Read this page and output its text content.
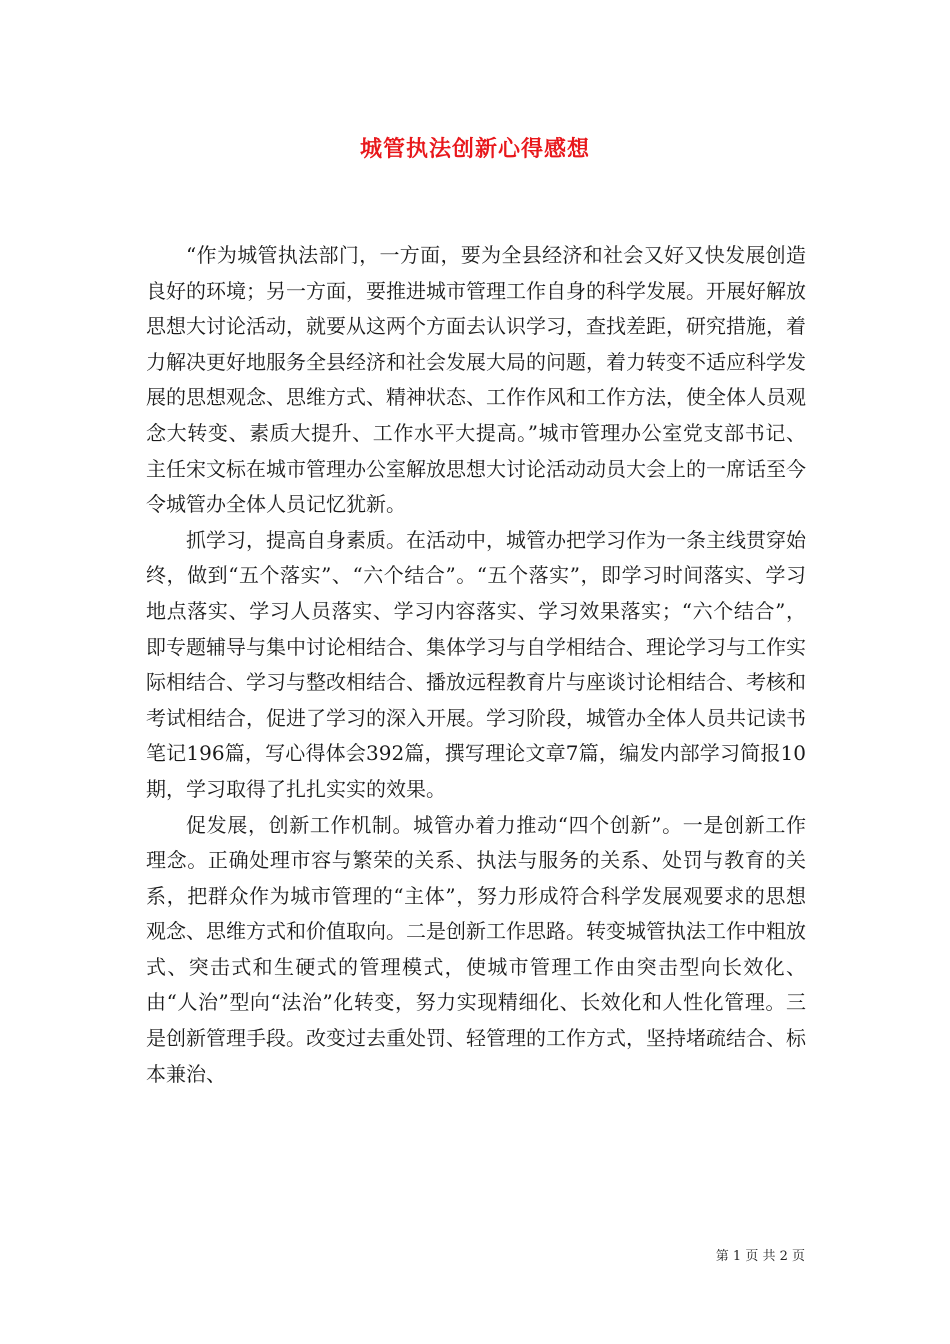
城管执法创新心得感想

“作为城管执法部门，一方面，要为全县经济和社会又好又快发展创造良好的环境；另一方面，要推进城市管理工作自身的科学发展。开展好解放思想大讨论活动，就要从这两个方面去认识学习，查找差距，研究措施，着力解决更好地服务全县经济和社会发展大局的问题，着力转变不适应科学发展的思想观念、思维方式、精神状态、工作作风和工作方法，使全体人员观念大转变、素质大提升、工作水平大提高。”城市管理办公室党支部书记、主任宋文标在城市管理办公室解放思想大讨论活动动员大会上的一席话至今令城管办全体人员记忆犹新。

抓学习，提高自身素质。在活动中，城管办把学习作为一条主线贯穿始终，做到“五个落实”、“六个结合”。“五个落实”，即学习时间落实、学习地点落实、学习人员落实、学习内容落实、学习效果落实；“六个结合”，即专题辅导与集中讨论相结合、集体学习与自学相结合、理论学习与工作实际相结合、学习与整改相结合、播放远程教育片与座谈讨论相结合、考核和考试相结合，促进了学习的深入开展。学习阶段，城管办全体人员共记读书笔记196篇，写心得体会392篇，撰写理论文章7篇，编发内部学习简报10期，学习取得了扎扎实实的效果。

促发展，创新工作机制。城管办着力推动“四个创新”。一是创新工作理念。正确处理市容与繁荣的关系、执法与服务的关系、处罚与教育的关系，把群众作为城市管理的“主体”，努力形成符合科学发展观要求的思想观念、思维方式和价值取向。二是创新工作思路。转变城管执法工作中粗放式、突击式和生硬式的管理模式，使城市管理工作由突击型向长效化、由“人治”型向“法治”化转变，努力实现精细化、长效化和人性化管理。三是创新管理手段。改变过去重处罚、轻管理的工作方式，坚持堵疏结合、标本兼治、

第 1 页 共 2 页
